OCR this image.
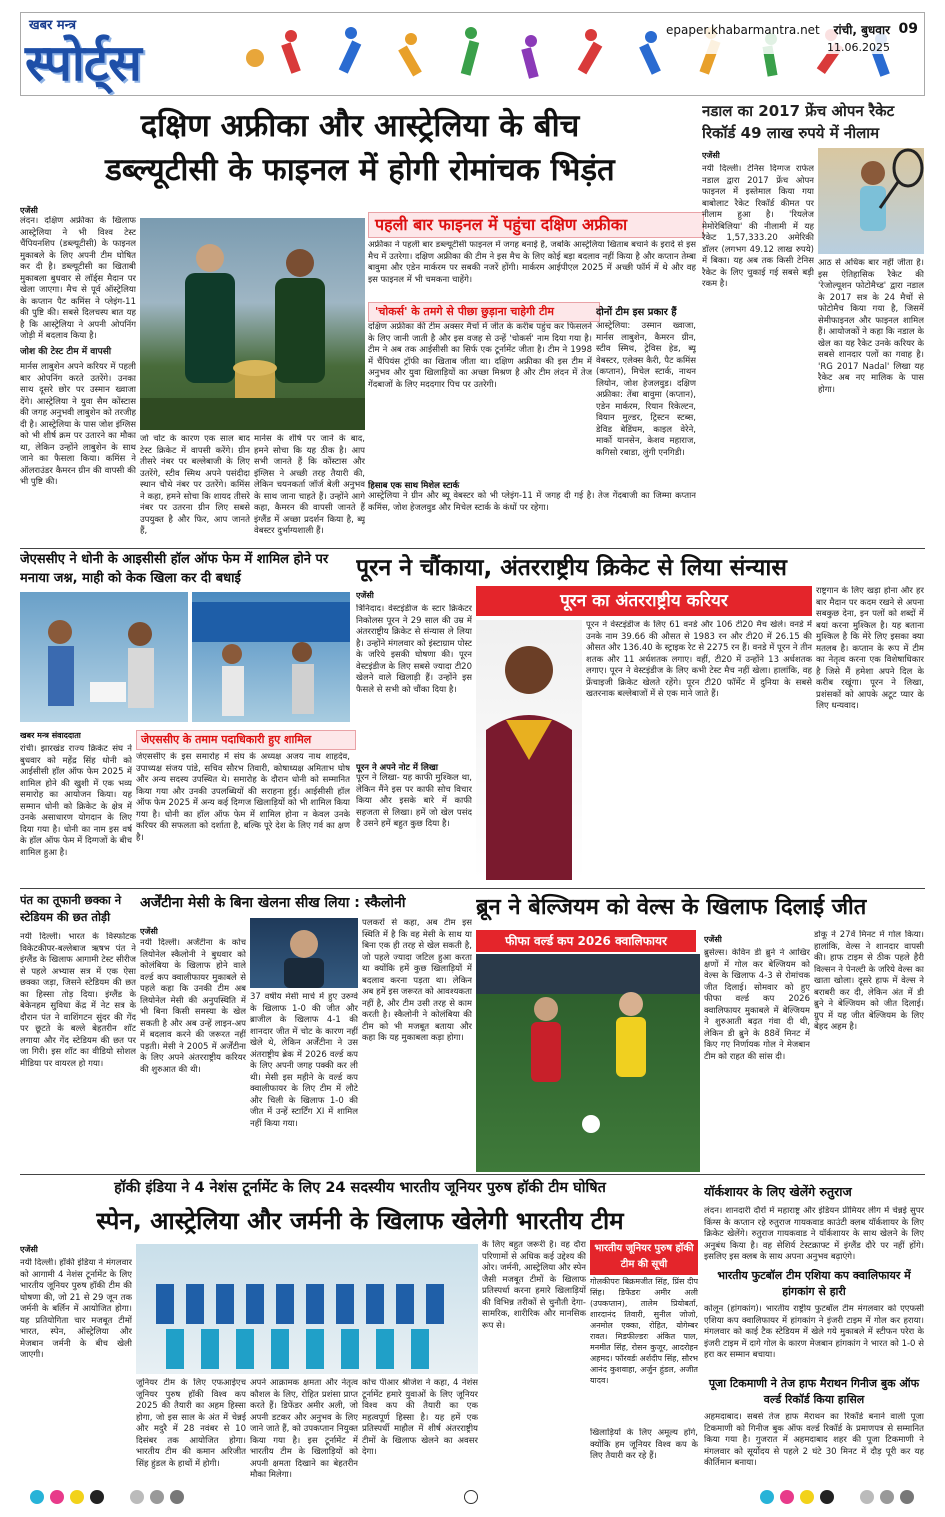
खबर मन्त्र
स्पोर्ट्स
epaper.khabarmantra.net रांची, बुधवार
11.06.2025
09
दक्षिण अफ्रीका और आस्ट्रेलिया के बीच
डब्ल्यूटीसी के फाइनल में होगी रोमांचक भिड़ंत
एजेंसी
पहली बार फाइनल में पहुंचा दक्षिण अफ्रीका
लंदन। दक्षिण अफ्रीका के खिलाफ आस्ट्रेलिया ने भी विश्व टेस्ट चैंपियनशिप (डब्ल्यूटीसी) के फाइनल मुकाबले के लिए अपनी टीम घोषित कर दी है। डब्ल्यूटीसी का खिताबी मुकाबला बुधवार से लॉर्ड्स मैदान पर खेला जाएगा। मैच से पूर्व ऑस्ट्रेलिया के कप्तान पैट कमिंस ने प्लेइंग-11 की पुष्टि की। सबसे दिलचस्प बात यह है कि आस्ट्रेलिया ने अपनी ओपनिंग जोड़ी में बदलाव किया है।
जोश की टेस्ट टीम में वापसी
मार्नस लाबुशेन अपने करियर में पहली बार ओपनिंग करते उतरेंगे। उनका साथ दूसरे छोर पर उस्मान ख्वाजा देंगे। आस्ट्रेलिया ने युवा सैम कोंस्टास की जगह अनुभवी लाबुशेन को तरजीह दी है। आस्ट्रेलिया के पास जोश इंग्लिस को भी शीर्ष क्रम पर उतारने का मौका था, लेकिन उन्होंने लाबुशेन के साथ जाने का फैसला किया। कमिंस ने ऑलराउंडर कैमरन ग्रीन की वापसी की भी पुष्टि की।
जो चोट के कारण एक साल बाद टेस्ट क्रिकेट में वापसी करेंगे। ग्रीन तीसरे नंबर पर बल्लेबाजी के लिए उतरेंगे, स्टीव स्मिथ अपने पसंदीदा स्थान चौथे नंबर पर उतरेंगे। कमिंस ने कहा, हमने सोचा कि शायद तीसरे नंबर पर उतरना ग्रीन लिए सबसे उपयुक्त है और फिर, आप जानते हैं,
मार्नस के शीर्ष पर जाने के बाद, हमने सोचा कि यह ठीक है। आप सभी जानते हैं कि कोंस्टास और इंग्लिस ने अच्छी तरह तैयारी की, लेकिन चयनकर्ता जॉर्ज बेली अनुभव के साथ जाना चाहते हैं। उन्होंने आगे कहा, कैमरन की वापसी जानते हैं इंग्लैंड में अच्छा प्रदर्शन किया है, ब्यू वेबस्टर दुर्भाग्यशाली हैं।
अफ्रीका ने पहली बार डब्ल्यूटीसी फाइनल में जगह बनाई है, जबकि आस्ट्रेलिया खिताब बचाने के इरादे से इस मैच में उतरेगा। दक्षिण अफ्रीका की टीम ने इस मैच के लिए कोई बड़ा बदलाव नहीं किया है और कप्तान तेम्बा बावुमा और एडेन मार्करम पर सबकी नजरें होंगी। मार्करम आईपीएल 2025 में अच्छी फॉर्म में थे और वह इस फाइनल में भी चमकना चाहेंगे।
'चोकर्स' के तमगे से पीछा छुड़ाना चाहेगी टीम
दक्षिण अफ्रीका की टीम अक्सर मैचों में जीत के करीब पहुंच कर फिसलने के लिए जानी जाती है और इस वजह से उन्हें 'चोकर्स' नाम दिया गया है। टीम ने अब तक आईसीसी का सिर्फ एक टूर्नामेंट जीता है। टीम ने 1998 में चैंपियंस ट्रॉफी का खिताब जीता था। दक्षिण अफ्रीका की इस टीम में अनुभव और युवा खिलाड़ियों का अच्छा मिश्रण है और टीम लंदन में तेज गेंदबाजों के लिए मददगार पिच पर उतरेगी।
दोनों टीम इस प्रकार हैं
आस्ट्रेलिया: उस्मान ख्वाजा, मार्नस लाबुशेन, कैमरन ग्रीन, स्टीव स्मिथ, ट्रेविस हेड, ब्यू वेबस्टर, एलेक्स कैरी, पैट कमिंस (कप्तान), मिचेल स्टार्क, नाथन लियोन, जोश हेजलवुड। दक्षिण अफ्रीका: तेंबा बावुमा (कप्तान), एडेन मार्करम, रियान रिकेल्टन, वियान मुल्डर, ट्रिस्टन स्टब्स, डेविड बेडिंघम, काइल वेरेने, मार्को यानसेन, केशव महाराज, कगिसो रबाडा, लुंगी एनगिडी।
हिसाब एक साथ मिशेल स्टार्क
आस्ट्रेलिया ने ग्रीन और ब्यू वेबस्टर को भी प्लेइंग-11 में जगह दी गई है। तेज गेंदबाजी का जिम्मा कप्तान कमिंस, जोश हेजलवुड और मिचेल स्टार्क के कंधों पर रहेगा।
नडाल का 2017 फ्रेंच ओपन रैकेट रिकॉर्ड 49 लाख रुपये में नीलाम
एजेंसी
नयी दिल्ली। टेनिस दिग्गज राफेल नडाल द्वारा 2017 फ्रेंच ओपन फाइनल में इस्तेमाल किया गया बाबोलाट रैकेट रिकॉर्ड कीमत पर नीलाम हुआ है। 'रियलेज मेमोरेबिलिया' की नीलामी में यह रैकेट 1,57,333.20 अमेरिकी डॉलर (लगभग 49.12 लाख रुपये) में बिका। यह अब तक किसी टेनिस रैकेट के लिए चुकाई गई सबसे बड़ी रकम है।
आठ से अधिक बार नहीं जीता है। इस ऐतिहासिक रैकेट की 'रेजोल्यूशन फोटोमैच्ड' द्वारा नडाल के 2017 सत्र के 24 मैचों से फोटोमैच किया गया है, जिसमें सेमीफाइनल और फाइनल शामिल हैं। आयोजकों ने कहा कि नडाल के खेल का यह रैकेट उनके करियर के सबसे शानदार पलों का गवाह है। 'RG 2017 Nadal' लिखा यह रैकेट अब नए मालिक के पास होगा।
जेएससीए ने धोनी के आइसीसी हॉल ऑफ फेम में शामिल होने पर मनाया जश्न, माही को केक खिला कर दी बधाई
खबर मन्त्र संवाददाता	जेएससीए के तमाम पदाधिकारी हुए शामिल
रांची। झारखंड राज्य क्रिकेट संघ ने बुधवार को महेंद्र सिंह धोनी को आईसीसी हॉल ऑफ फेम 2025 में शामिल होने की खुशी में एक भव्य समारोह का आयोजन किया। यह सम्मान धोनी को क्रिकेट के क्षेत्र में उनके असाधारण योगदान के लिए दिया गया है। धोनी का नाम इस वर्ष के हॉल ऑफ फेम में दिग्गजों के बीच शामिल हुआ है।
जेएससीए के इस समारोह में संघ के अध्यक्ष अजय नाथ शाहदेव, उपाध्यक्ष संजय पांडे, सचिव सौरभ तिवारी, कोषाध्यक्ष अमिताभ घोष और अन्य सदस्य उपस्थित थे। समारोह के दौरान धोनी को सम्मानित किया गया और उनकी उपलब्धियों की सराहना हुई। आईसीसी हॉल ऑफ फेम 2025 में अन्य कई दिग्गज खिलाड़ियों को भी शामिल किया गया है। धोनी का हॉल ऑफ फेम में शामिल होना न केवल उनके करियर की सफलता को दर्शाता है, बल्कि पूरे देश के लिए गर्व का क्षण है।
पूरन ने चौंकाया, अंतरराष्ट्रीय क्रिकेट से लिया संन्यास
एजेंसी	पूरन का अंतरराष्ट्रीय करियर
त्रिनिदाद। वेस्टइंडीज के स्टार क्रिकेटर निकोलस पूरन ने 29 साल की उम्र में अंतरराष्ट्रीय क्रिकेट से संन्यास ले लिया है। उन्होंने मंगलवार को इंस्टाग्राम पोस्ट के जरिये इसकी घोषणा की। पूरन वेस्टइंडीज के लिए सबसे ज्यादा टी20 खेलने वाले खिलाड़ी हैं। उन्होंने इस फैसले से सभी को चौंका दिया है।
पूरन ने अपने नोट में लिखा
पूरन ने लिखा- यह काफी मुश्किल था, लेकिन मैंने इस पर काफी सोच विचार किया और इसके बारे में काफी सहजता से लिखा। हमें जो खेल पसंद है उसने हमें बहुत कुछ दिया है।
पूरन ने वेस्टइंडीज के लिए 61 वनडे और 106 टी20 मैच खेले। वनडे में उनके नाम 39.66 की औसत से 1983 रन और टी20 में 26.15 की औसत और 136.40 के स्ट्राइक रेट से 2275 रन हैं। वनडे में पूरन ने तीन शतक और 11 अर्धशतक लगाए। वहीं, टी20 में उन्होंने 13 अर्धशतक लगाए। पूरन ने वेस्टइंडीज के लिए कभी टेस्ट मैच नहीं खेला। हालांकि, वह फ्रेंचाइजी क्रिकेट खेलते रहेंगे। पूरन टी20 फॉर्मेट में दुनिया के सबसे खतरनाक बल्लेबाजों में से एक माने जाते हैं।
राष्ट्रगान के लिए खड़ा होना और हर बार मैदान पर कदम रखने से अपना सबकुछ देना, इन पलों को शब्दों में बयां करना मुश्किल है। यह बताना मुश्किल है कि मेरे लिए इसका क्या मतलब है। कप्तान के रूप में टीम का नेतृत्व करना एक विशेषाधिकार है जिसे मैं हमेशा अपने दिल के करीब रखूंगा। पूरन ने लिखा, प्रशंसकों को आपके अटूट प्यार के लिए धन्यवाद।
पंत का तूफानी छक्का ने स्टेडियम की छत तोड़ी
नयी दिल्ली। भारत के विस्फोटक विकेटकीपर-बल्लेबाज ऋषभ पंत ने इंग्लैंड के खिलाफ आगामी टेस्ट सीरीज से पहले अभ्यास सत्र में एक ऐसा छक्का जड़ा, जिसने स्टेडियम की छत का हिस्सा तोड़ दिया। इंग्लैंड के बेकेनहम सुविधा केंद्र में नेट सत्र के दौरान पंत ने वाशिंगटन सुंदर की गेंद पर छूटते के बल्ले बेहतरीन शॉट लगाया और गेंद स्टेडियम की छत पर जा गिरी। इस शॉट का वीडियो सोशल मीडिया पर वायरल हो गया।
अर्जेंटीना मेसी के बिना खेलना सीख लिया : स्कैलोनी
एजेंसी
नयी दिल्ली। अर्जेंटीना के कोच लियोनेल स्कैलोनी ने बुधवार को कोलंबिया के खिलाफ होने वाले वर्ल्ड कप क्वालीफायर मुकाबले से पहले कहा कि उनकी टीम अब लियोनेल मेसी की अनुपस्थिति में भी बिना किसी समस्या के खेल सकती है और अब उन्हें लाइन-अप में बदलाव करने की जरूरत नहीं पड़ती। मेसी ने 2005 में अर्जेंटीना के लिए अपने अंतरराष्ट्रीय करियर की शुरुआत की थी।
37 वर्षीय मेसी मार्च में हुए उरुग्वे के खिलाफ 1-0 की जीत और ब्राजील के खिलाफ 4-1 की शानदार जीत में चोट के कारण नहीं खेले थे, लेकिन अर्जेंटीना ने उस अंतराष्ट्रीय ब्रेक में 2026 वर्ल्ड कप के लिए अपनी जगह पक्की कर ली थी। मेसी इस महीने के वर्ल्ड कप क्वालीफायर के लिए टीम में लौटे और चिली के खिलाफ 1-0 की जीत में उन्हें स्टार्टिंग XI में शामिल नहीं किया गया।
पलकरों से कहा, अब टीम इस स्थिति में है कि वह मेसी के साथ या बिना एक ही तरह से खेल सकती है, जो पहले ज्यादा जटिल हुआ करता था क्योंकि हमें कुछ खिलाड़ियों में बदलाव करना पड़ता था। लेकिन अब हमें इस जरूरत को आवश्यकता नहीं है, और टीम उसी तरह से काम करती है। स्कैलोनी ने कोलंबिया की टीम को भी मजबूत बताया और कहा कि यह मुकाबला कड़ा होगा।
ब्रून ने बेल्जियम को वेल्स के खिलाफ दिलाई जीत
फीफा वर्ल्ड कप 2026 क्वालिफायर	एजेंसी
ब्रुसेल्स। केविन डी ब्रुने ने आखिर क्षणों में गोल कर बेल्जियम को वेल्स के खिलाफ 4-3 से रोमांचक जीत दिलाई। सोमवार को हुए फीफा वर्ल्ड कप 2026 क्वालिफायर मुकाबले में बेल्जियम ने शुरुआती बढ़त गंवा दी थी, लेकिन डी ब्रुने के 88वें मिनट में किए गए निर्णायक गोल ने मेजबान टीम को राहत की सांस दी।
डोकू ने 27वें मिनट में गोल किया। हालांकि, वेल्स ने शानदार वापसी की। हाफ टाइम से ठीक पहले हैरी विल्सन ने पेनल्टी के जरिये वेल्स का खाता खोला। दूसरे हाफ में वेल्स ने बराबरी कर दी, लेकिन अंत में डी ब्रुने ने बेल्जियम को जीत दिलाई। ग्रुप में यह जीत बेल्जियम के लिए बेहद अहम है।
हॉकी इंडिया ने 4 नेशंस टूर्नामेंट के लिए 24 सदस्यीय भारतीय जूनियर पुरुष हॉकी टीम घोषित
स्पेन, आस्ट्रेलिया और जर्मनी के खिलाफ खेलेगी भारतीय टीम
एजेंसी
नयी दिल्ली। हॉकी इंडिया ने मंगलवार को आगामी 4 नेशंस टूर्नामेंट के लिए भारतीय जूनियर पुरुष हॉकी टीम की घोषणा की, जो 21 से 29 जून तक जर्मनी के बर्लिन में आयोजित होगा। यह प्रतियोगिता चार मजबूत टीमों भारत, स्पेन, ऑस्ट्रेलिया और मेजबान जर्मनी के बीच खेली जाएगी।
जूनियर टीम के लिए एफआईएच जूनियर पुरुष हॉकी विश्व कप 2025 की तैयारी का अहम हिस्सा होगा, जो इस साल के अंत में चेन्नई और मदुरै में 28 नवंबर से 10 दिसंबर तक आयोजित होगा। भारतीय टीम की कमान अरिजीत सिंह हुंडल के हाथों में होगी।
अपने आक्रामक क्षमता और नेतृत्व कौशल के लिए, रोहित प्रशंसा प्राप्त करते हैं। डिफेंडर अमीर अली, जो अपनी डटकर और अनुभव के लिए जाने जाते हैं, को उपकप्तान नियुक्त किया गया है। इस टूर्नामेंट में भारतीय टीम के खिलाड़ियों को अपनी क्षमता दिखाने का बेहतरीन मौका मिलेगा।
कोच पीआर श्रीजेश ने कहा, 4 नेशंस टूर्नामेंट हमारे युवाओं के लिए जूनियर विश्व कप की तैयारी का एक महत्वपूर्ण हिस्सा है। यह हमें एक प्रतिस्पर्धी माहौल में शीर्ष अंतरराष्ट्रीय टीमों के खिलाफ खेलने का अवसर देगा।
के लिए बहुत जरूरी है। वह दौरा परिणामों से अधिक कई उद्देश्य की ओर। जर्मनी, आस्ट्रेलिया और स्पेन जैसी मजबूत टीमों के खिलाफ प्रतिस्पर्धा करना हमारे खिलाड़ियों की विभिन्न तरीकों से चुनौती देगा-सामरिक, शारीरिक और मानसिक रूप से।
भारतीय जूनियर पुरुष हॉकी टीम की सूची
गोलकीपरः बिक्रमजीत सिंह, प्रिंस दीप सिंह। डिफेंडरः अमीर अली (उपकप्तान), तालेम प्रियोबर्ता, शारदानंद तिवारी, सुनील जोजो, अनमोल एक्का, रोहित, योगेम्बर रावत। मिडफील्डरः अंकित पाल, मनमीत सिंह, रोसन कुजूर, आदरोहन अहमद। फॉरवर्डः अर्शदीप सिंह, सौरभ आनंद कुशवाहा, अर्जुन हुंडल, अजीत यादव।
खिलाड़ियों के लिए अमूल्य होंगे, क्योंकि हम जूनियर विश्व कप के लिए तैयारी कर रहे हैं।
यॉर्कशायर के लिए खेलेंगे रुतुराज
लंदन। शानदारी दौरों में महाराष्ट्र और इंडियन प्रीमियर लीग में चेन्नई सुपर किंग्स के कप्तान रहे रुतुराज गायकवाड काउंटी क्लब यॉर्कशायर के लिए क्रिकेट खेलेंगे। रुतुराज गायकवाड ने यॉर्कशायर के साथ खेलने के लिए अनुबंध किया है। वह सेशिर्य टेस्टक्राफ्ट में इंग्लैंड दौरे पर नहीं होंगे। इसलिए इस क्लब के साथ अपना अनुभव बढ़ाएंगे।
भारतीय फुटबॉल टीम एशिया कप क्वालिफायर में हांगकांग से हारी
कोलून (हांगकांग)। भारतीय राष्ट्रीय फुटबॉल टीम मंगलवार को एएफसी एशिया कप क्वालिफायर में हांगकांग ने इंजरी टाइम में गोल कर हराया। मंगलवार को काई टैक स्टेडियम में खेले गये मुकाबले में स्टीफन परेरा के इंजरी टाइम में दागे गोल के कारण मेजबान हांगकांग ने भारत को 1-0 से हरा कर सम्मान बचाया।
पूजा टिकमाणी ने तेज हाफ मैराथन गिनीज बुक ऑफ वर्ल्ड रिकॉर्ड किया हासिल
अहमदाबाद। सबसे तेज हाफ मैराथन का रिकॉर्ड बनाने वाली पूजा टिकमाणी को गिनीज बुक ऑफ वर्ल्ड रिकॉर्ड के प्रमाणपत्र से सम्मानित किया गया है। गुजरात में अहमदाबाद शहर की पूजा टिकमाणी ने मंगलवार को सूर्योदय से पहले 2 घंटे 30 मिनट में दौड़ पूरी कर यह कीर्तिमान बनाया।
